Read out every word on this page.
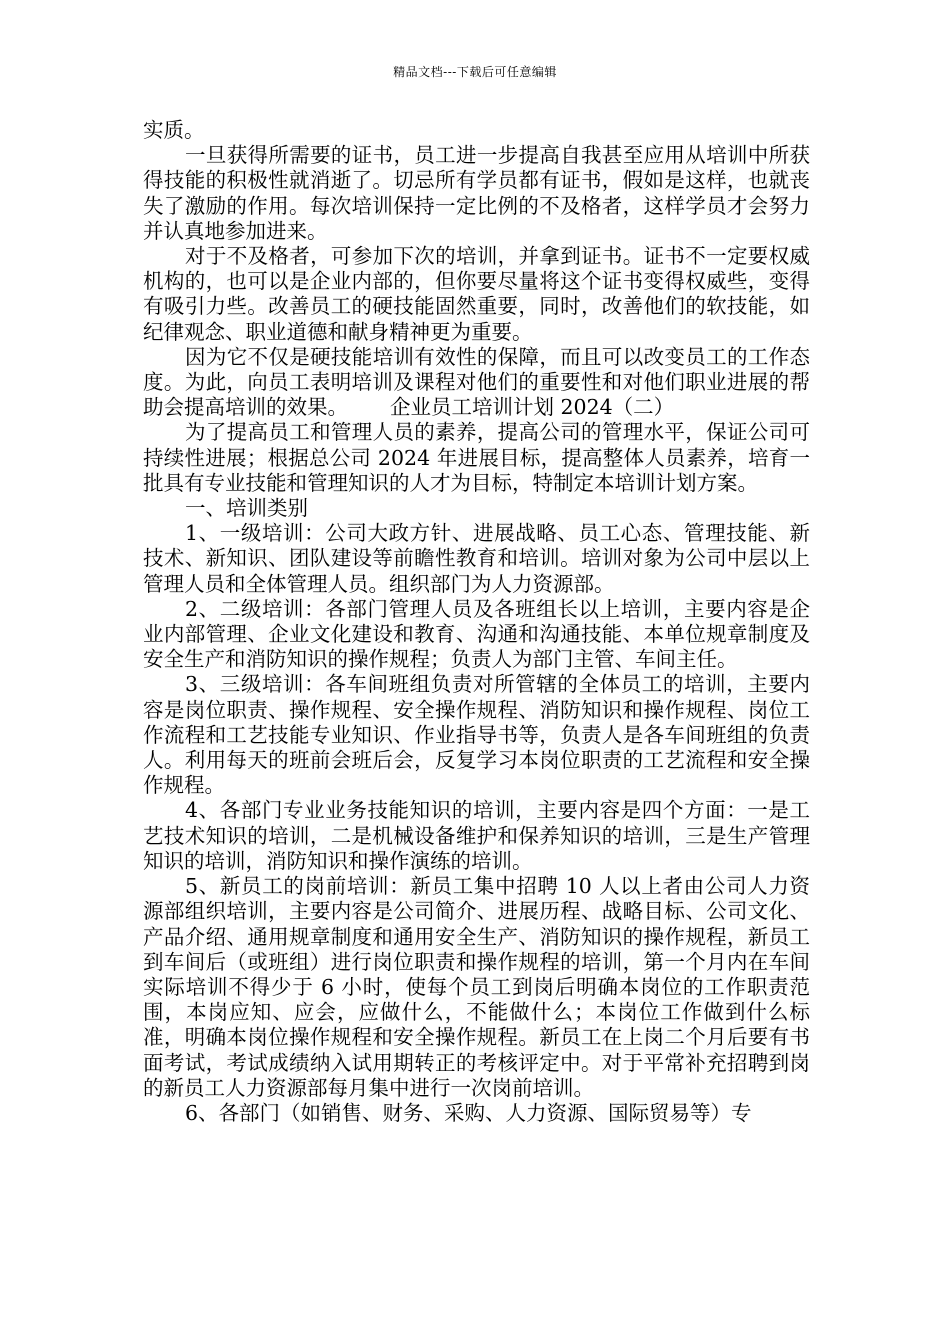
精品文档---下载后可任意编辑

实质。

一旦获得所需要的证书，员工进一步提高自我甚至应用从培训中所获得技能的积极性就消逝了。切忌所有学员都有证书，假如是这样，也就丧失了激励的作用。每次培训保持一定比例的不及格者，这样学员才会努力并认真地参加进来。

对于不及格者，可参加下次的培训，并拿到证书。证书不一定要权威机构的，也可以是企业内部的，但你要尽量将这个证书变得权威些，变得有吸引力些。改善员工的硬技能固然重要，同时，改善他们的软技能，如纪律观念、职业道德和献身精神更为重要。

因为它不仅是硬技能培训有效性的保障，而且可以改变员工的工作态度。为此，向员工表明培训及课程对他们的重要性和对他们职业进展的帮助会提高培训的效果。 企业员工培训计划 2024（二）

为了提高员工和管理人员的素养，提高公司的管理水平，保证公司可持续性进展；根据总公司 2024 年进展目标，提高整体人员素养，培育一批具有专业技能和管理知识的人才为目标，特制定本培训计划方案。

一、培训类别

1、一级培训：公司大政方针、进展战略、员工心态、管理技能、新技术、新知识、团队建设等前瞻性教育和培训。培训对象为公司中层以上管理人员和全体管理人员。组织部门为人力资源部。

2、二级培训：各部门管理人员及各班组长以上培训，主要内容是企业内部管理、企业文化建设和教育、沟通和沟通技能、本单位规章制度及安全生产和消防知识的操作规程；负责人为部门主管、车间主任。

3、三级培训：各车间班组负责对所管辖的全体员工的培训，主要内容是岗位职责、操作规程、安全操作规程、消防知识和操作规程、岗位工作流程和工艺技能专业知识、作业指导书等，负责人是各车间班组的负责人。利用每天的班前会班后会，反复学习本岗位职责的工艺流程和安全操作规程。

4、各部门专业业务技能知识的培训，主要内容是四个方面：一是工艺技术知识的培训，二是机械设备维护和保养知识的培训，三是生产管理知识的培训，消防知识和操作演练的培训。

5、新员工的岗前培训：新员工集中招聘 10 人以上者由公司人力资源部组织培训，主要内容是公司简介、进展历程、战略目标、公司文化、产品介绍、通用规章制度和通用安全生产、消防知识的操作规程，新员工到车间后（或班组）进行岗位职责和操作规程的培训，第一个月内在车间实际培训不得少于 6 小时，使每个员工到岗后明确本岗位的工作职责范围，本岗应知、应会，应做什么，不能做什么；本岗位工作做到什么标准，明确本岗位操作规程和安全操作规程。新员工在上岗二个月后要有书面考试，考试成绩纳入试用期转正的考核评定中。对于平常补充招聘到岗的新员工人力资源部每月集中进行一次岗前培训。

6、各部门（如销售、财务、采购、人力资源、国际贸易等）专
